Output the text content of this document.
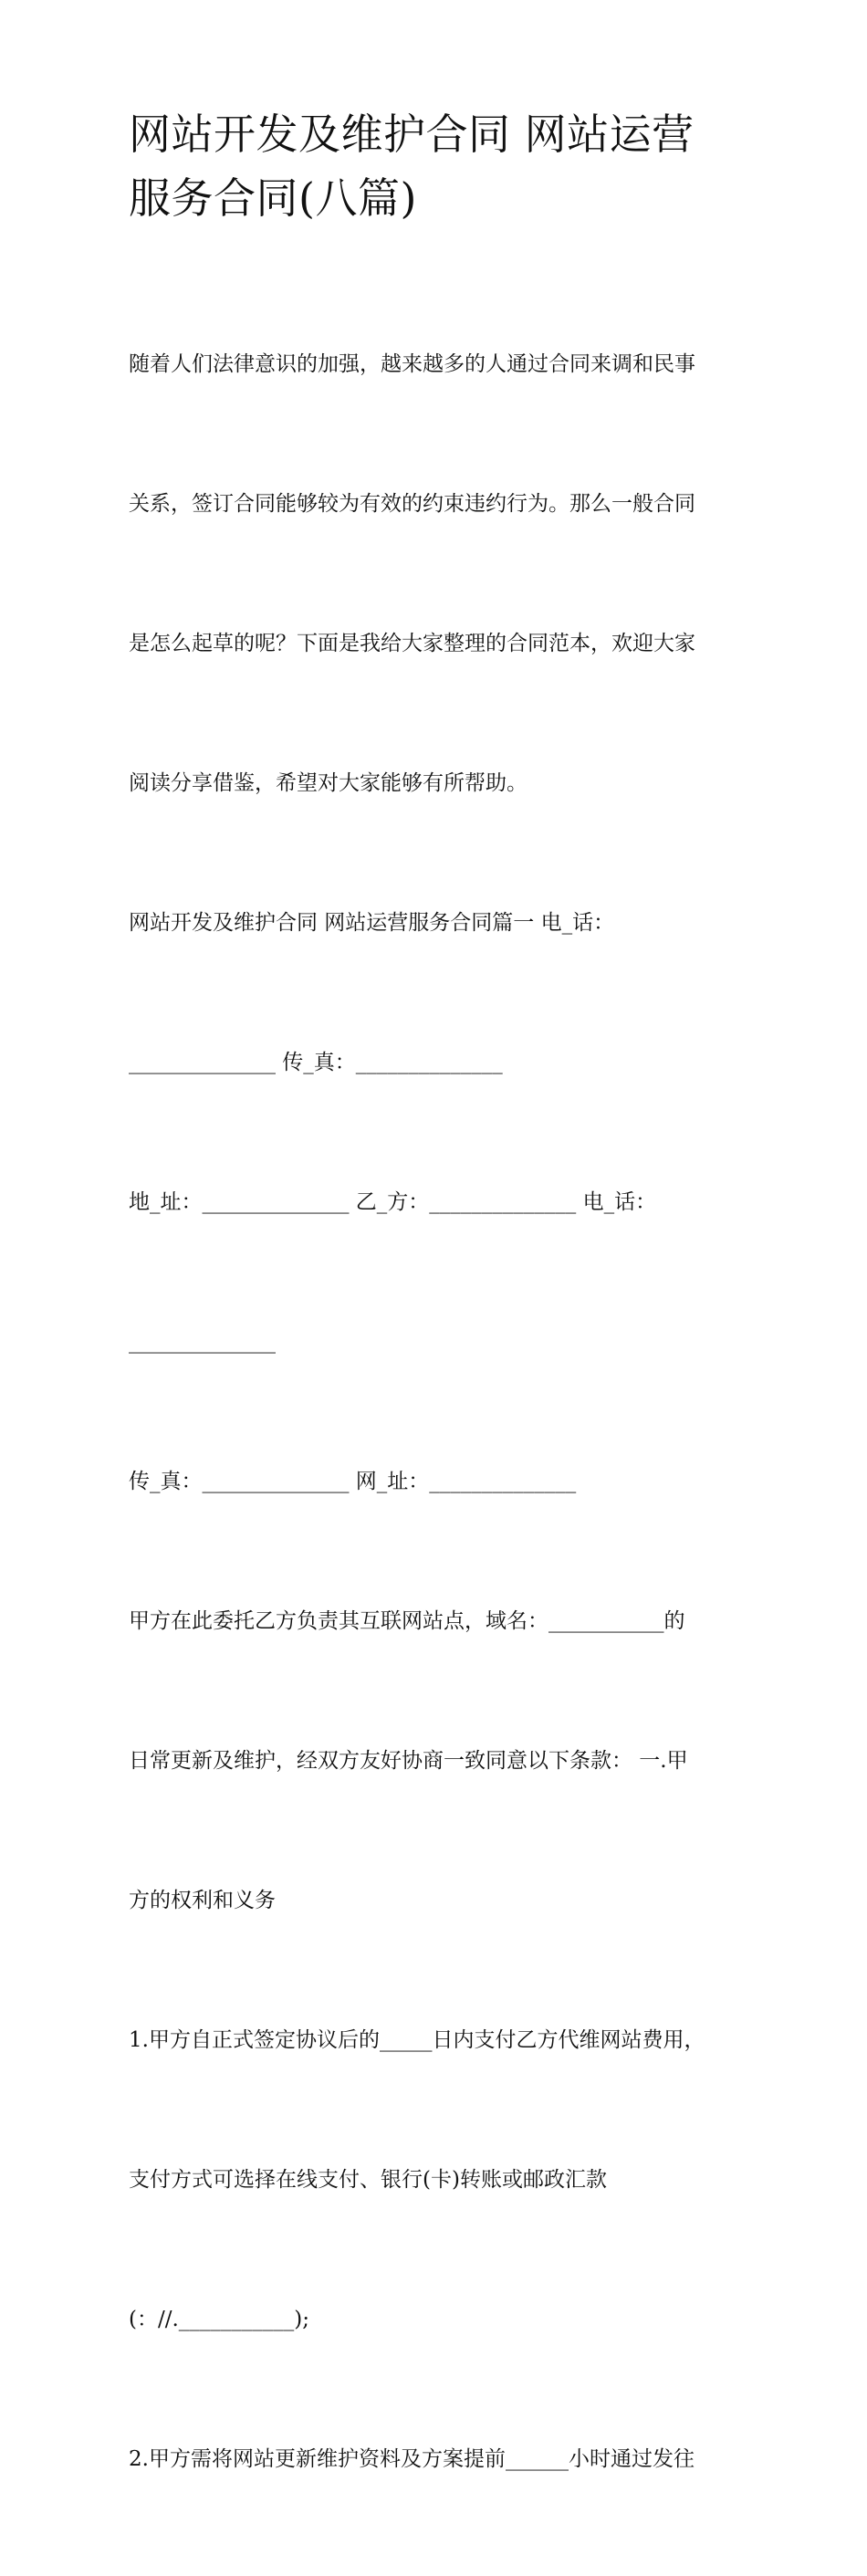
网站开发及维护合同 网站运营
服务合同(八篇)

随着人们法律意识的加强，越来越多的人通过合同来调和民事

关系，签订合同能够较为有效的约束违约行为。那么一般合同

是怎么起草的呢？下面是我给大家整理的合同范本，欢迎大家

阅读分享借鉴，希望对大家能够有所帮助。

网站开发及维护合同 网站运营服务合同篇一 电_话：

______________ 传_真：______________

地_址：______________ 乙_方：______________ 电_话：

______________

传_真：______________ 网_址：______________

甲方在此委托乙方负责其互联网站点，域名：___________的

日常更新及维护，经双方友好协商一致同意以下条款： 一.甲

方的权利和义务

1.甲方自正式签定协议后的_____日内支付乙方代维网站费用，

支付方式可选择在线支付、银行(卡)转账或邮政汇款

(：//.___________);

2.甲方需将网站更新维护资料及方案提前______小时通过发往
